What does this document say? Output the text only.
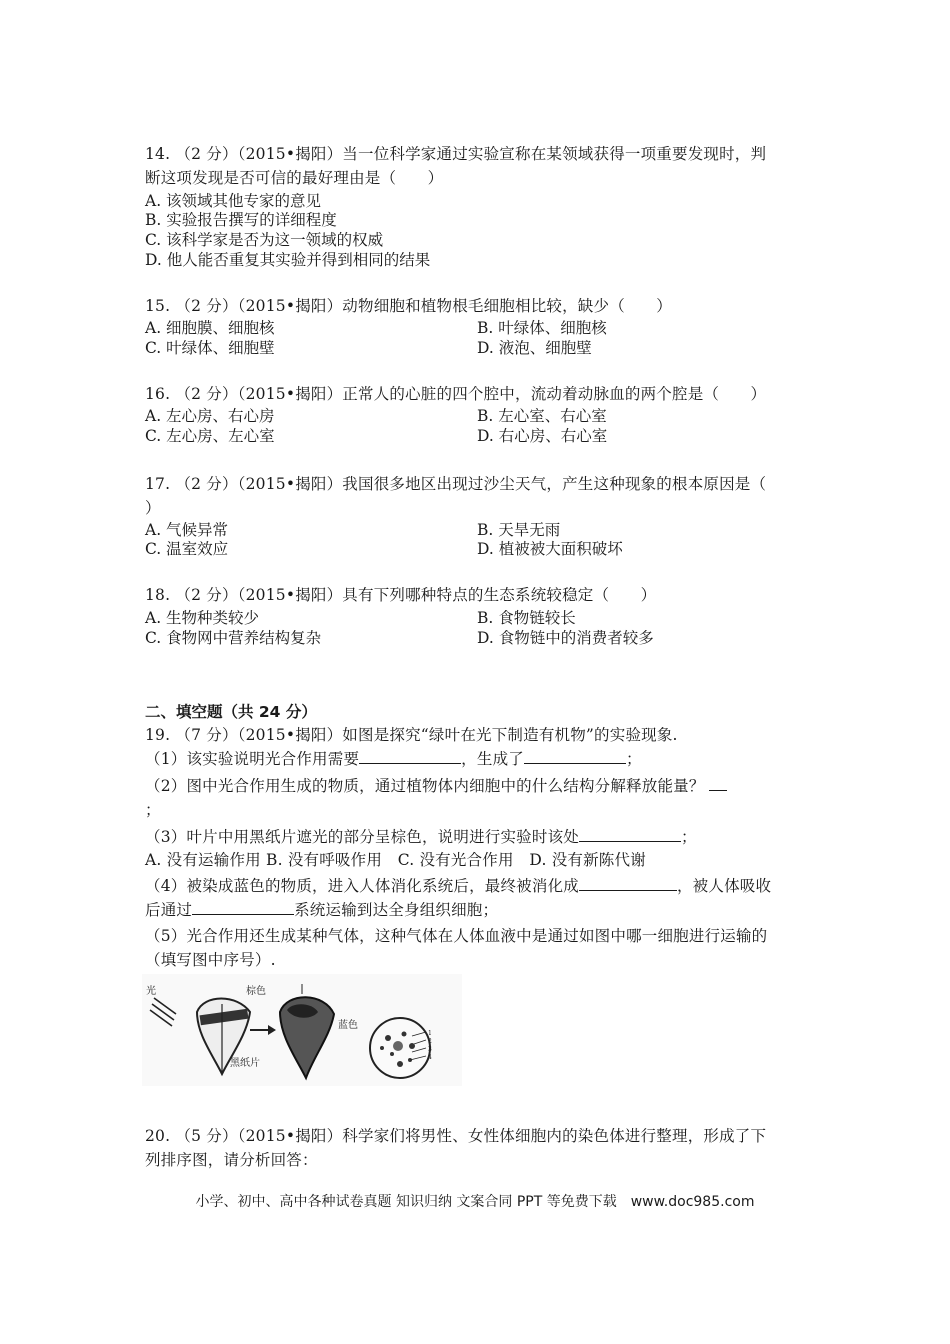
14. （2 分）（2015•揭阳）当一位科学家通过实验宣称在某领域获得一项重要发现时，判
断这项发现是否可信的最好理由是（　　）
A. 该领域其他专家的意见
B. 实验报告撰写的详细程度
C. 该科学家是否为这一领域的权威
D. 他人能否重复其实验并得到相同的结果
15. （2 分）（2015•揭阳）动物细胞和植物根毛细胞相比较，缺少（　　）
A. 细胞膜、细胞核	B. 叶绿体、细胞核
C. 叶绿体、细胞壁	D. 液泡、细胞壁
16. （2 分）（2015•揭阳）正常人的心脏的四个腔中，流动着动脉血的两个腔是（　　）
A. 左心房、右心房	B. 左心室、右心室
C. 左心房、左心室	D. 右心房、右心室
17. （2 分）（2015•揭阳）我国很多地区出现过沙尘天气，产生这种现象的根本原因是（
）
A. 气候异常	B. 天旱无雨
C. 温室效应	D. 植被被大面积破坏
18. （2 分）（2015•揭阳）具有下列哪种特点的生态系统较稳定（　　）
A. 生物种类较少	B. 食物链较长
C. 食物网中营养结构复杂	D. 食物链中的消费者较多
二、填空题（共 24 分）
19. （7 分）（2015•揭阳）如图是探究“绿叶在光下制造有机物”的实验现象.
（1）该实验说明光合作用需要	，生成了	；
（2）图中光合作用生成的物质，通过植物体内细胞中的什么结构分解释放能量？
；
（3）叶片中用黑纸片遮光的部分呈棕色，说明进行实验时该处	；
A. 没有运输作用 B. 没有呼吸作用　C. 没有光合作用　D. 没有新陈代谢
（4）被染成蓝色的物质，进入人体消化系统后，最终被消化成	，被人体吸收
后通过	系统运输到达全身组织细胞；
（5）光合作用还生成某种气体，这种气体在人体血液中是通过如图中哪一细胞进行运输的
（填写图中序号）.
光	棕色
黑纸片
蓝色
1
2
3
4
20. （5 分）（2015•揭阳）科学家们将男性、女性体细胞内的染色体进行整理，形成了下
列排序图，请分析回答：
小学、初中、高中各种试卷真题 知识归纳 文案合同 PPT 等免费下载　www.doc985.com
